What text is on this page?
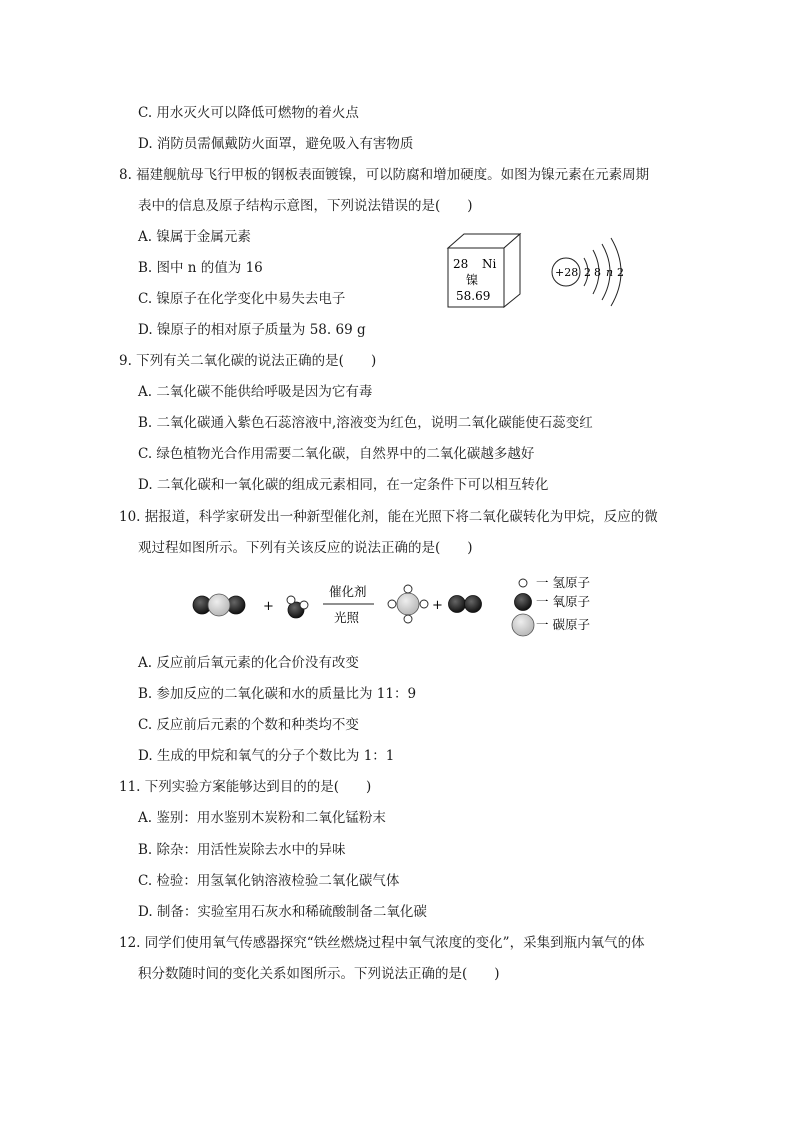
C. 用水灭火可以降低可燃物的着火点
D. 消防员需佩戴防火面罩，避免吸入有害物质
8. 福建舰航母飞行甲板的钢板表面镀镍，可以防腐和增加硬度。如图为镍元素在元素周期
表中的信息及原子结构示意图，下列说法错误的是(　　)
A. 镍属于金属元素
B. 图中 n 的值为 16
C. 镍原子在化学变化中易失去电子
D. 镍原子的相对原子质量为 58. 69 g
28 Ni
镍
58.69
+28 2 8 n 2
9. 下列有关二氧化碳的说法正确的是(　　)
A. 二氧化碳不能供给呼吸是因为它有毒
B. 二氧化碳通入紫色石蕊溶液中,溶液变为红色，说明二氧化碳能使石蕊变红
C. 绿色植物光合作用需要二氧化碳，自然界中的二氧化碳越多越好
D. 二氧化碳和一氧化碳的组成元素相同，在一定条件下可以相互转化
10. 据报道，科学家研发出一种新型催化剂，能在光照下将二氧化碳转化为甲烷，反应的微
观过程如图所示。下列有关该反应的说法正确的是(　　)
+
催化剂
光照
+
一 氢原子
一 氧原子
一 碳原子
A. 反应前后氧元素的化合价没有改变
B. 参加反应的二氧化碳和水的质量比为 11：9
C. 反应前后元素的个数和种类均不变
D. 生成的甲烷和氧气的分子个数比为 1：1
11. 下列实验方案能够达到目的的是(　　)
A. 鉴别：用水鉴别木炭粉和二氧化锰粉末
B. 除杂：用活性炭除去水中的异味
C. 检验：用氢氧化钠溶液检验二氧化碳气体
D. 制备：实验室用石灰水和稀硫酸制备二氧化碳
12. 同学们使用氧气传感器探究“铁丝燃烧过程中氧气浓度的变化”，采集到瓶内氧气的体
积分数随时间的变化关系如图所示。下列说法正确的是(　　)
